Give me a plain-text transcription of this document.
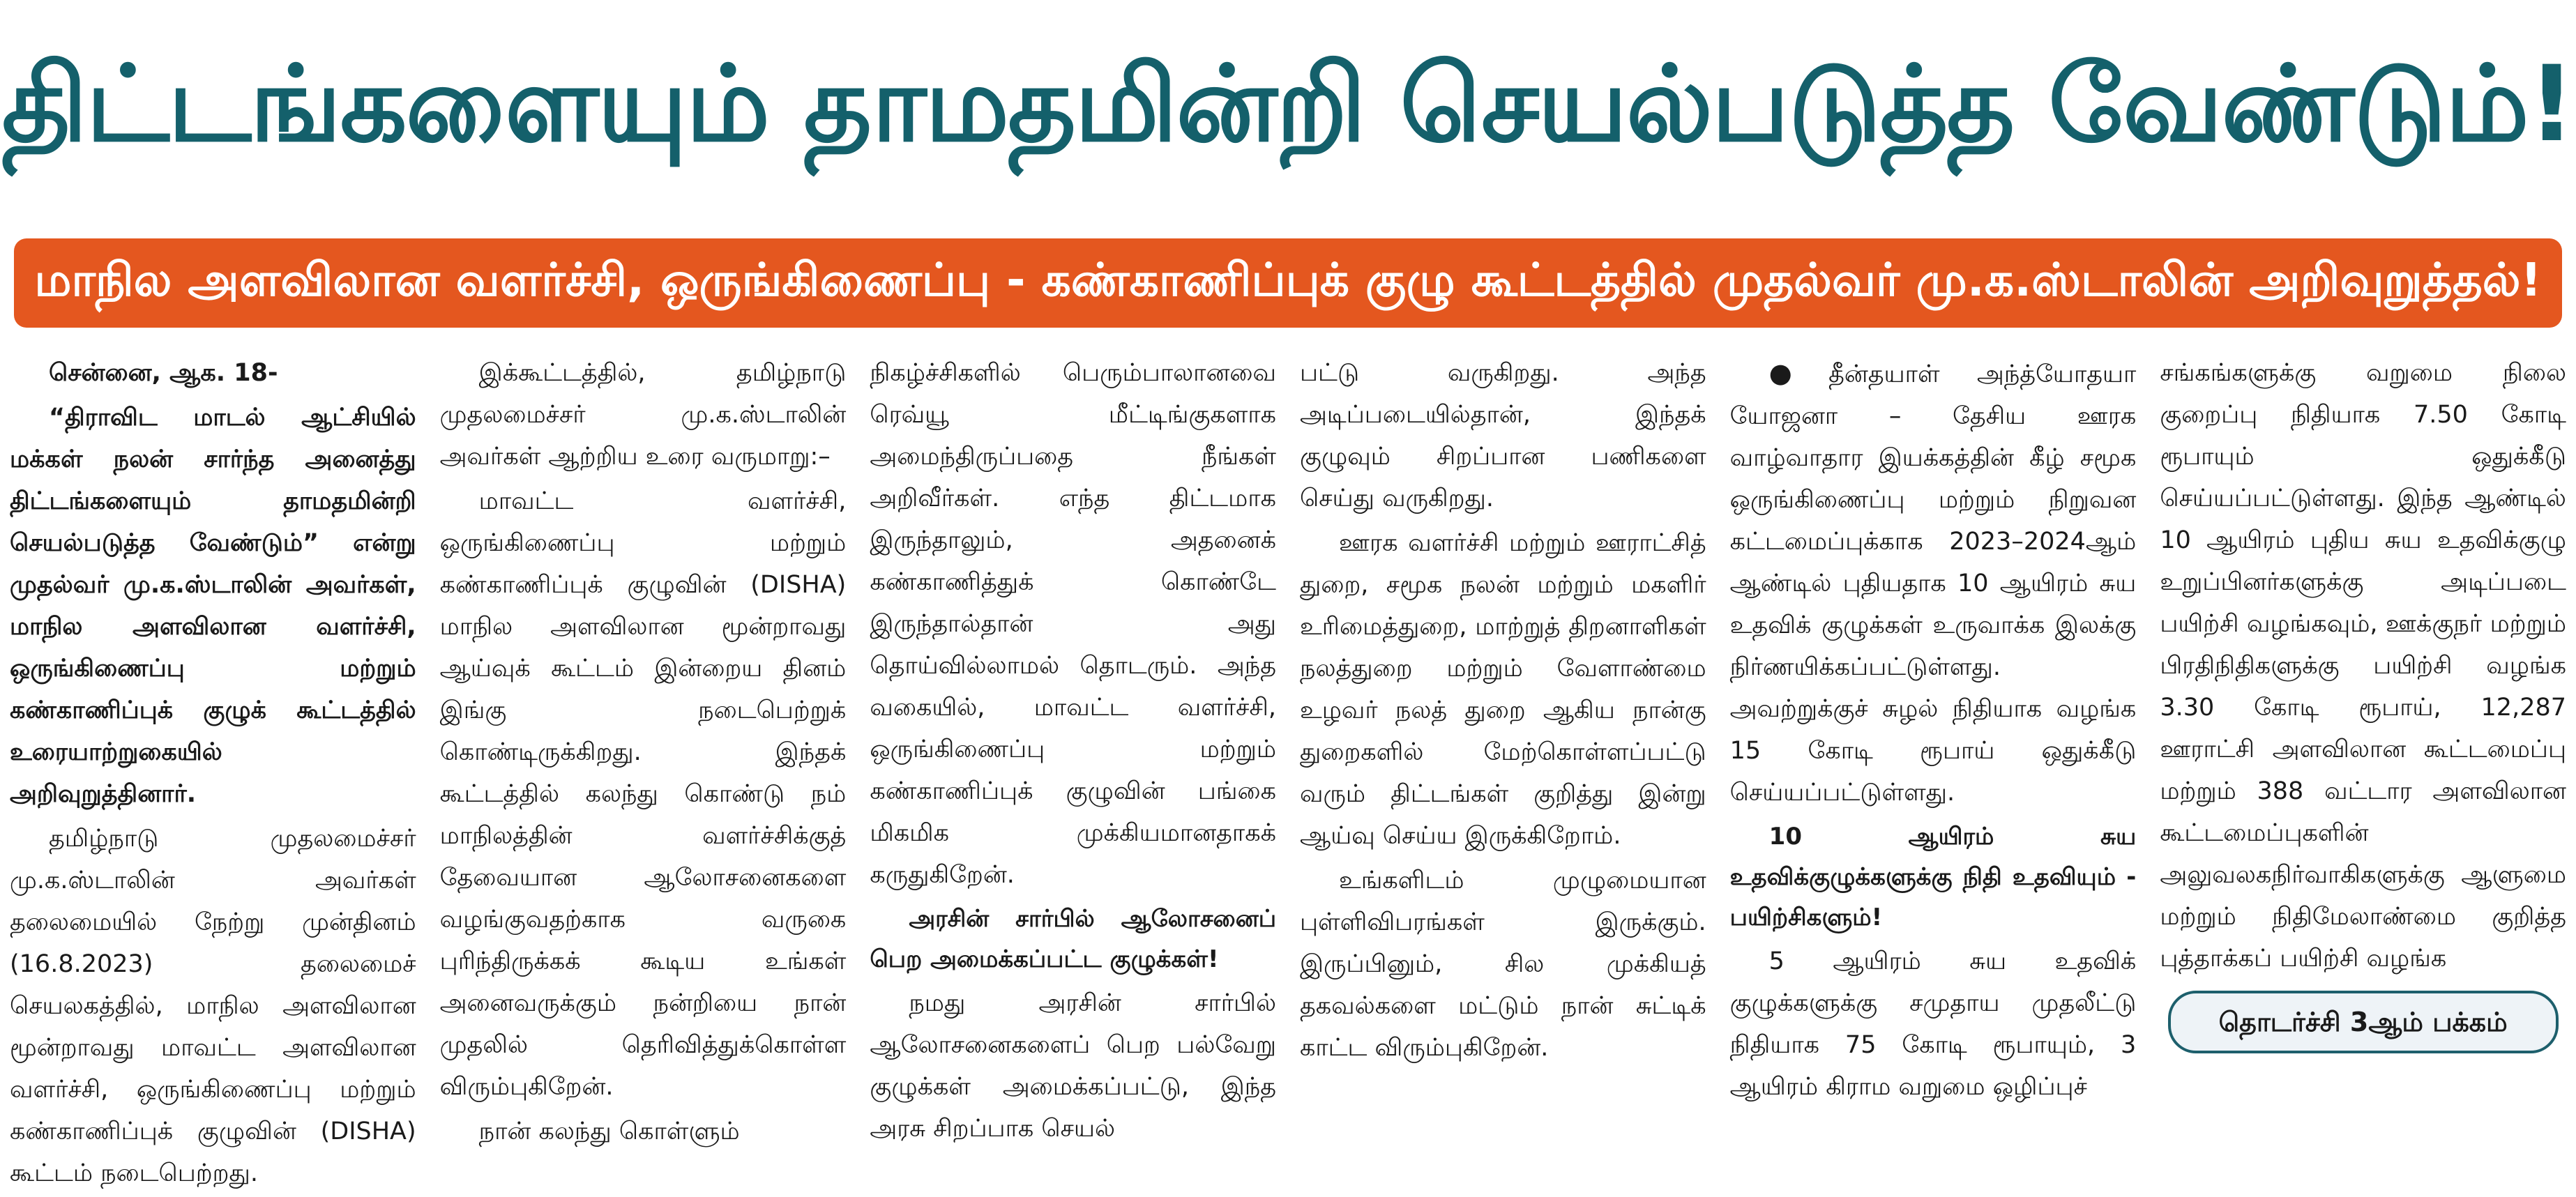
திட்டங்களையும் தாமதமின்றி செயல்படுத்த வேண்டும்!
மாநில அளவிலான வளர்ச்சி, ஒருங்கிணைப்பு - கண்காணிப்புக் குழு கூட்டத்தில் முதல்வர் மு.க.ஸ்டாலின் அறிவுறுத்தல்!

சென்னை, ஆக. 18-

“திராவிட மாடல் ஆட்சியில் மக்கள் நலன் சார்ந்த அனைத்து திட்டங்களையும் தாமதமின்றி செயல்படுத்த வேண்டும்” என்று முதல்வர் மு.க.ஸ்டாலின் அவர்கள், மாநில அளவிலான வளர்ச்சி, ஒருங்கிணைப்பு மற்றும் கண்காணிப்புக் குழுக் கூட்டத்தில் உரையாற்றுகையில் அறிவுறுத்தினார்.

தமிழ்நாடு முதலமைச்சர் மு.க.ஸ்டாலின் அவர்கள் தலைமையில் நேற்று முன்தினம் (16.8.2023) தலைமைச் செயலகத்தில், மாநில அளவிலான மூன்றாவது மாவட்ட அளவிலான வளர்ச்சி, ஒருங்கிணைப்பு மற்றும் கண்காணிப்புக் குழுவின் (DISHA) கூட்டம் நடைபெற்றது.

இக்கூட்டத்தில், தமிழ்நாடு முதலமைச்சர் மு.க.ஸ்டாலின் அவர்கள் ஆற்றிய உரை வருமாறு:–

மாவட்ட வளர்ச்சி, ஒருங்கிணைப்பு மற்றும் கண்காணிப்புக் குழுவின் (DISHA) மாநில அளவிலான மூன்றாவது ஆய்வுக் கூட்டம் இன்றைய தினம் இங்கு நடைபெற்றுக் கொண்டிருக்கிறது. இந்தக் கூட்டத்தில் கலந்து கொண்டு நம் மாநிலத்தின் வளர்ச்சிக்குத் தேவையான ஆலோசனைகளை வழங்குவதற்காக வருகை புரிந்திருக்கக் கூடிய உங்கள் அனைவருக்கும் நன்றியை நான் முதலில் தெரிவித்துக்கொள்ள விரும்புகிறேன்.

நான் கலந்து கொள்ளும்

நிகழ்ச்சிகளில் பெரும்பாலானவை ரெவ்யூ மீட்டிங்குகளாக அமைந்திருப்பதை நீங்கள் அறிவீர்கள். எந்த திட்டமாக இருந்தாலும், அதனைக் கண்காணித்துக் கொண்டே இருந்தால்தான் அது தொய்வில்லாமல் தொடரும். அந்த வகையில், மாவட்ட வளர்ச்சி, ஒருங்கிணைப்பு மற்றும் கண்காணிப்புக் குழுவின் பங்கை மிகமிக முக்கியமானதாகக் கருதுகிறேன்.

அரசின் சார்பில் ஆலோசனைப் பெற அமைக்கப்பட்ட குழுக்கள்!

நமது அரசின் சார்பில் ஆலோசனைகளைப் பெற பல்வேறு குழுக்கள் அமைக்கப்பட்டு, இந்த அரசு சிறப்பாக செயல்

பட்டு வருகிறது. அந்த அடிப்படையில்தான், இந்தக் குழுவும் சிறப்பான பணிகளை செய்து வருகிறது.

ஊரக வளர்ச்சி மற்றும் ஊராட்சித் துறை, சமூக நலன் மற்றும் மகளிர் உரிமைத்துறை, மாற்றுத் திறனாளிகள் நலத்துறை மற்றும் வேளாண்மை உழவர் நலத் துறை ஆகிய நான்கு துறைகளில் மேற்கொள்ளப்பட்டு வரும் திட்டங்கள் குறித்து இன்று ஆய்வு செய்ய இருக்கிறோம்.

உங்களிடம் முழுமையான புள்ளிவிபரங்கள் இருக்கும். இருப்பினும், சில முக்கியத் தகவல்களை மட்டும் நான் சுட்டிக் காட்ட விரும்புகிறேன்.

● தீன்தயாள் அந்த்யோதயா யோஜனா – தேசிய ஊரக வாழ்வாதார இயக்கத்தின் கீழ் சமூக ஒருங்கிணைப்பு மற்றும் நிறுவன கட்டமைப்புக்காக 2023–2024ஆம் ஆண்டில் புதியதாக 10 ஆயிரம் சுய உதவிக் குழுக்கள் உருவாக்க இலக்கு நிர்ணயிக்கப்பட்டுள்ளது. அவற்றுக்குச் சுழல் நிதியாக வழங்க 15 கோடி ரூபாய் ஒதுக்கீடு செய்யப்பட்டுள்ளது.

10 ஆயிரம் சுய உதவிக்குழுக்களுக்கு நிதி உதவியும் - பயிற்சிகளும்!

5 ஆயிரம் சுய உதவிக் குழுக்களுக்கு சமுதாய முதலீட்டு நிதியாக 75 கோடி ரூபாயும், 3 ஆயிரம் கிராம வறுமை ஒழிப்புச்

சங்கங்களுக்கு வறுமை நிலை குறைப்பு நிதியாக 7.50 கோடி ரூபாயும் ஒதுக்கீடு செய்யப்பட்டுள்ளது. இந்த ஆண்டில் 10 ஆயிரம் புதிய சுய உதவிக்குழு உறுப்பினர்களுக்கு அடிப்படை பயிற்சி வழங்கவும், ஊக்குநர் மற்றும் பிரதிநிதிகளுக்கு பயிற்சி வழங்க 3.30 கோடி ரூபாய், 12,287 ஊராட்சி அளவிலான கூட்டமைப்பு மற்றும் 388 வட்டார அளவிலான கூட்டமைப்புகளின் அலுவலகநிர்வாகிகளுக்கு ஆளுமை மற்றும் நிதிமேலாண்மை குறித்த புத்தாக்கப் பயிற்சி வழங்க

தொடர்ச்சி 3ஆம் பக்கம்
